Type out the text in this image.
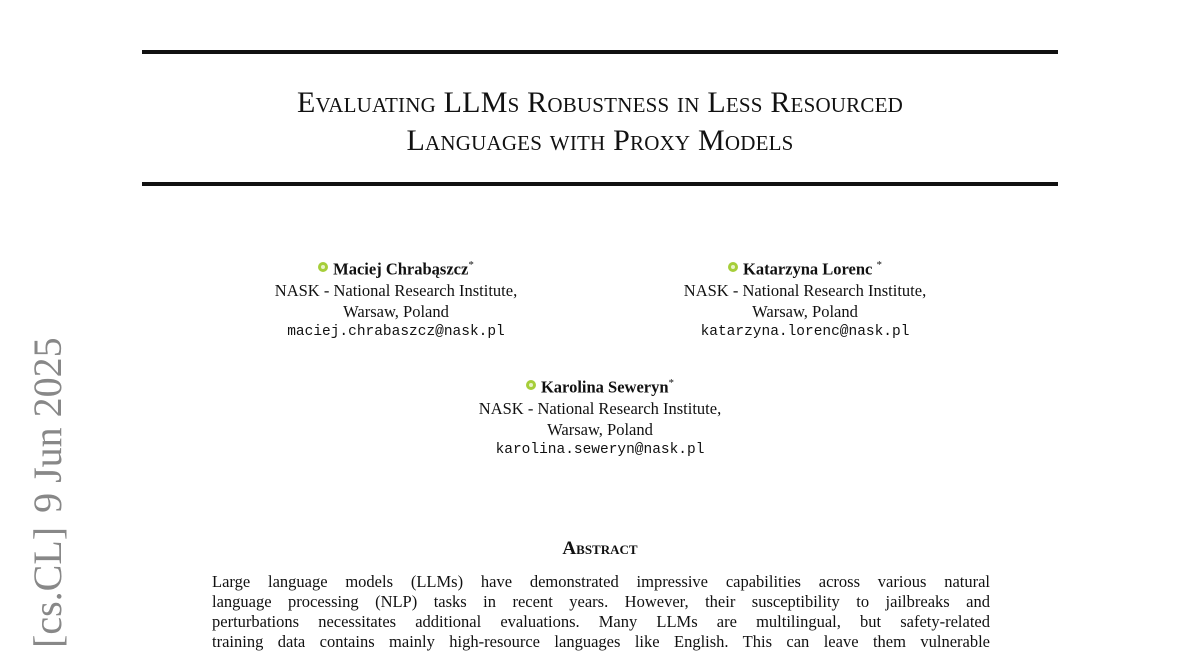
Evaluating LLMs Robustness in Less Resourced
Languages with Proxy Models
Maciej Chrabąszcz*
NASK - National Research Institute,
Warsaw, Poland
maciej.chrabaszcz@nask.pl
Katarzyna Lorenc *
NASK - National Research Institute,
Warsaw, Poland
katarzyna.lorenc@nask.pl
Karolina Seweryn*
NASK - National Research Institute,
Warsaw, Poland
karolina.seweryn@nask.pl
Abstract
Large language models (LLMs) have demonstrated impressive capabilities across various natural
language processing (NLP) tasks in recent years. However, their susceptibility to jailbreaks and
perturbations necessitates additional evaluations. Many LLMs are multilingual, but safety-related
training data contains mainly high-resource languages like English. This can leave them vulnerable
[cs.CL]
9 Jun 2025
